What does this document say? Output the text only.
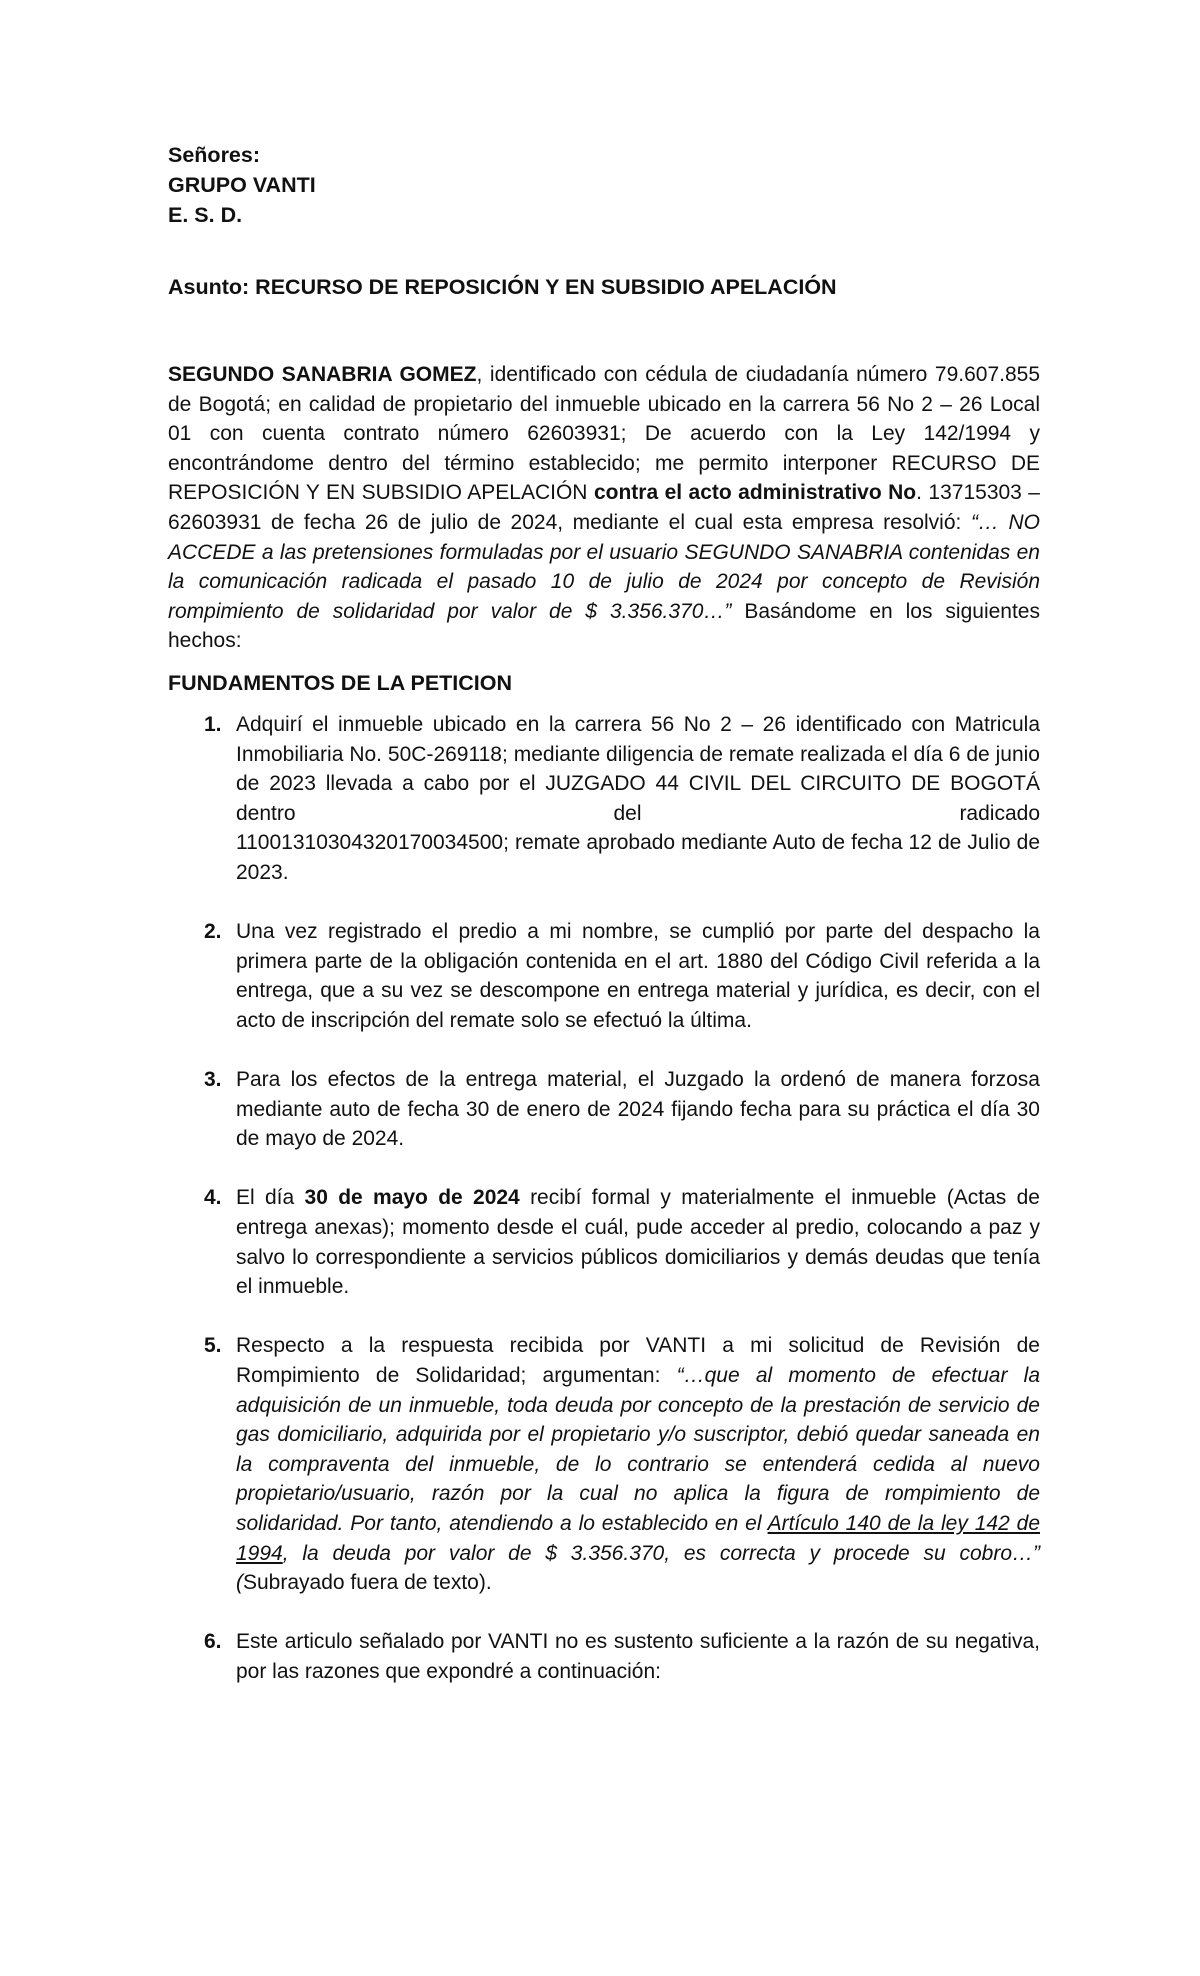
Señores:
GRUPO VANTI
E. S. D.
Asunto: RECURSO DE REPOSICIÓN Y EN SUBSIDIO APELACIÓN

SEGUNDO SANABRIA GOMEZ, identificado con cédula de ciudadanía número 79.607.855 de Bogotá; en calidad de propietario del inmueble ubicado en la carrera 56 No 2 – 26 Local 01 con cuenta contrato número 62603931; De acuerdo con la Ley 142/1994 y encontrándome dentro del término establecido; me permito interponer RECURSO DE REPOSICIÓN Y EN SUBSIDIO APELACIÓN contra el acto administrativo No. 13715303 – 62603931 de fecha 26 de julio de 2024, mediante el cual esta empresa resolvió: “… NO ACCEDE a las pretensiones formuladas por el usuario SEGUNDO SANABRIA contenidas en la comunicación radicada el pasado 10 de julio de 2024 por concepto de Revisión rompimiento de solidaridad por valor de $ 3.356.370…” Basándome en los siguientes hechos:

FUNDAMENTOS DE LA PETICION
1. Adquirí el inmueble ubicado en la carrera 56 No 2 – 26 identificado con Matricula Inmobiliaria No. 50C-269118; mediante diligencia de remate realizada el día 6 de junio de 2023 llevada a cabo por el JUZGADO 44 CIVIL DEL CIRCUITO DE BOGOTÁ dentro del radicado
11001310304320170034500; remate aprobado mediante Auto de fecha 12 de Julio de 2023.
2. Una vez registrado el predio a mi nombre, se cumplió por parte del despacho la primera parte de la obligación contenida en el art. 1880 del Código Civil referida a la entrega, que a su vez se descompone en entrega material y jurídica, es decir, con el acto de inscripción del remate solo se efectuó la última.
3. Para los efectos de la entrega material, el Juzgado la ordenó de manera forzosa mediante auto de fecha 30 de enero de 2024 fijando fecha para su práctica el día 30 de mayo de 2024.
4. El día 30 de mayo de 2024 recibí formal y materialmente el inmueble (Actas de entrega anexas); momento desde el cuál, pude acceder al predio, colocando a paz y salvo lo correspondiente a servicios públicos domiciliarios y demás deudas que tenía el inmueble.
5. Respecto a la respuesta recibida por VANTI a mi solicitud de Revisión de Rompimiento de Solidaridad; argumentan: “…que al momento de efectuar la adquisición de un inmueble, toda deuda por concepto de la prestación de servicio de gas domiciliario, adquirida por el propietario y/o suscriptor, debió quedar saneada en la compraventa del inmueble, de lo contrario se entenderá cedida al nuevo propietario/usuario, razón por la cual no aplica la figura de rompimiento de solidaridad. Por tanto, atendiendo a lo establecido en el Artículo 140 de la ley 142 de 1994, la deuda por valor de $ 3.356.370, es correcta y procede su cobro…” (Subrayado fuera de texto).
6. Este articulo señalado por VANTI no es sustento suficiente a la razón de su negativa, por las razones que expondré a continuación:
